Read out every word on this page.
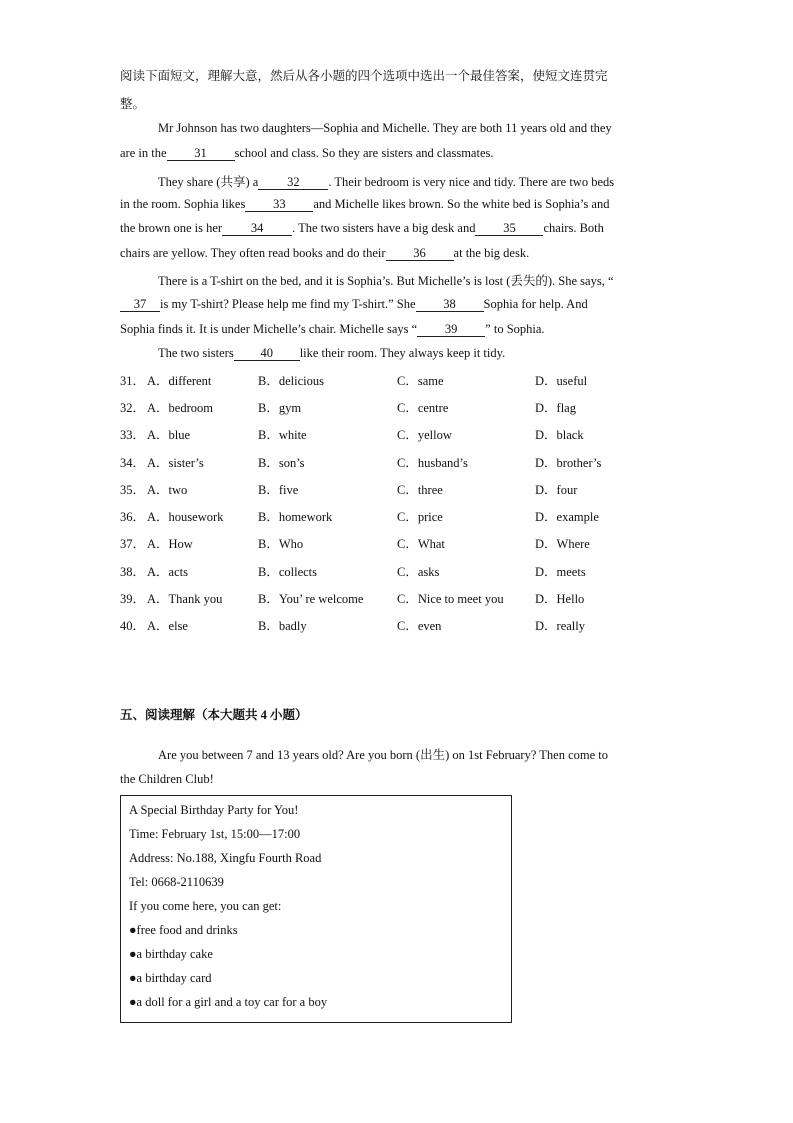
阅读下面短文，理解大意，然后从各小题的四个选项中选出一个最佳答案，使短文连贯完
整。
Mr Johnson has two daughters—Sophia and Michelle. They are both 11 years old and they
are in the 31 school and class. So they are sisters and classmates.
They share (共享) a 32 . Their bedroom is very nice and tidy. There are two beds
in the room. Sophia likes 33 and Michelle likes brown. So the white bed is Sophia’s and
the brown one is her 34 . The two sisters have a big desk and 35 chairs. Both
chairs are yellow. They often read books and do their 36 at the big desk.
There is a T-shirt on the bed, and it is Sophia’s. But Michelle’s is lost (丢失的). She says, “
37 is my T-shirt? Please help me find my T-shirt.” She 38 Sophia for help. And
Sophia finds it. It is under Michelle’s chair. Michelle says “ 39 ” to Sophia.
The two sisters 40 like their room. They always keep it tidy.
31． A．different	B．delicious	C．same	D．useful
32． A．bedroom	B．gym	C．centre	D．flag
33． A．blue	B．white	C．yellow	D．black
34． A．sister’s	B．son’s	C．husband’s	D．brother’s
35． A．two	B．five	C．three	D．four
36． A．housework	B．homework	C．price	D．example
37． A．How	B．Who	C．What	D．Where
38． A．acts	B．collects	C．asks	D．meets
39． A．Thank you	B．You’ re welcome	C．Nice to meet you	D．Hello
40． A．else	B．badly	C．even	D．really
五、阅读理解（本大题共 4 小题）
Are you between 7 and 13 years old? Are you born (出生) on 1st February? Then come to
the Children Club!
A Special Birthday Party for You!
Time: February 1st, 15:00—17:00
Address: No.188, Xingfu Fourth Road
Tel: 0668-2110639
If you come here, you can get:
●free food and drinks
●a birthday cake
●a birthday card
●a doll for a girl and a toy car for a boy
